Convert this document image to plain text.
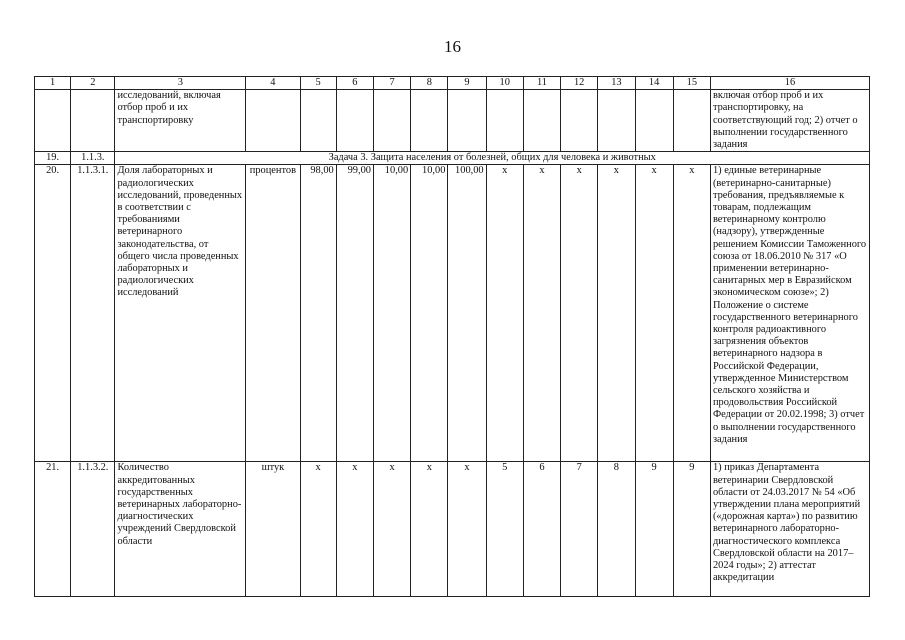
16
1	2	3	4	5	6	7	8	9	10	11	12	13	14	15	16
		исследований, включая отбор проб и их транспортировку													включая отбор проб и их транспортировку, на соответствующий год; 2) отчет о выполнении государственного задания
19.	1.1.3.	Задача 3. Защита населения от болезней, общих для человека и животных													
20.	1.1.3.1.	Доля лабораторных и радиологических исследований, проведенных в соответствии с требованиями ветеринарного законодательства, от общего числа проведенных лабораторных и радиологических исследований	процентов	98,00	99,00	10,00	10,00	100,00	х	х	х	х	х	х	1) единые ветеринарные (ветеринарно-санитарные) требования, предъявляемые к товарам, подлежащим ветеринарному контролю (надзору), утвержденные решением Комиссии Таможенного союза от 18.06.2010 № 317 «О применении ветеринарно- санитарных мер в Евразийском экономическом союзе»; 2) Положение о системе государственного ветеринарного контроля радиоактивного загрязнения объектов ветеринарного надзора в Российской Федерации, утвержденное Министерством сельского хозяйства и продовольствия Российской Федерации от 20.02.1998; 3) отчет о выполнении государственного задания
21.	1.1.3.2.	Количество аккредитованных государственных ветеринарных лабораторно- диагностических учреждений Свердловской области	штук	х	х	х	х	х	5	6	7	8	9	9	1) приказ Департамента ветеринарии Свердловской области от 24.03.2017 № 54 «Об утверждении плана мероприятий («дорожная карта») по развитию ветеринарного лабораторно- диагностического комплекса Свердловской области на 2017–2024 годы»; 2) аттестат аккредитации
